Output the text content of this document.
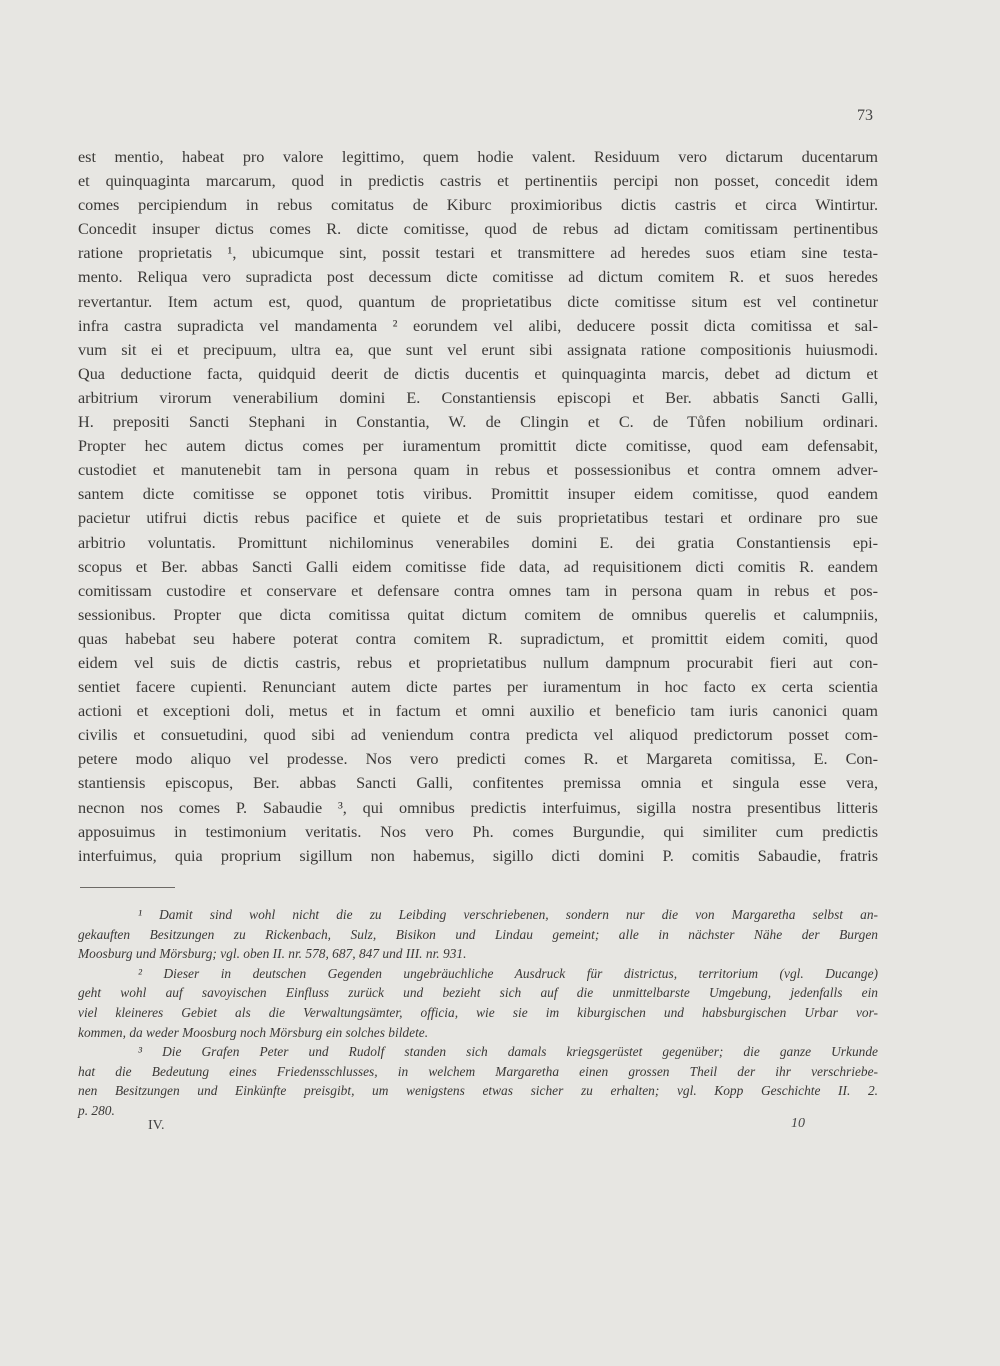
73
est mentio, habeat pro valore legittimo, quem hodie valent. Residuum vero dictarum ducentarum
et quinquaginta marcarum, quod in predictis castris et pertinentiis percipi non posset, concedit idem
comes percipiendum in rebus comitatus de Kiburc proximioribus dictis castris et circa Wintirtur.
Concedit insuper dictus comes R. dicte comitisse, quod de rebus ad dictam comitissam pertinentibus
ratione proprietatis ¹, ubicumque sint, possit testari et transmittere ad heredes suos etiam sine testa-
mento. Reliqua vero supradicta post decessum dicte comitisse ad dictum comitem R. et suos heredes
revertantur. Item actum est, quod, quantum de proprietatibus dicte comitisse situm est vel continetur
infra castra supradicta vel mandamenta ² eorundem vel alibi, deducere possit dicta comitissa et sal-
vum sit ei et precipuum, ultra ea, que sunt vel erunt sibi assignata ratione compositionis huiusmodi.
Qua deductione facta, quidquid deerit de dictis ducentis et quinquaginta marcis, debet ad dictum et
arbitrium virorum venerabilium domini E. Constantiensis episcopi et Ber. abbatis Sancti Galli,
H. prepositi Sancti Stephani in Constantia, W. de Clingin et C. de Tůfen nobilium ordinari.
Propter hec autem dictus comes per iuramentum promittit dicte comitisse, quod eam defensabit,
custodiet et manutenebit tam in persona quam in rebus et possessionibus et contra omnem adver-
santem dicte comitisse se opponet totis viribus. Promittit insuper eidem comitisse, quod eandem
pacietur utifrui dictis rebus pacifice et quiete et de suis proprietatibus testari et ordinare pro sue
arbitrio voluntatis. Promittunt nichilominus venerabiles domini E. dei gratia Constantiensis epi-
scopus et Ber. abbas Sancti Galli eidem comitisse fide data, ad requisitionem dicti comitis R. eandem
comitissam custodire et conservare et defensare contra omnes tam in persona quam in rebus et pos-
sessionibus. Propter que dicta comitissa quitat dictum comitem de omnibus querelis et calumpniis,
quas habebat seu habere poterat contra comitem R. supradictum, et promittit eidem comiti, quod
eidem vel suis de dictis castris, rebus et proprietatibus nullum dampnum procurabit fieri aut con-
sentiet facere cupienti. Renunciant autem dicte partes per iuramentum in hoc facto ex certa scientia
actioni et exceptioni doli, metus et in factum et omni auxilio et beneficio tam iuris canonici quam
civilis et consuetudini, quod sibi ad veniendum contra predicta vel aliquod predictorum posset com-
petere modo aliquo vel prodesse. Nos vero predicti comes R. et Margareta comitissa, E. Con-
stantiensis episcopus, Ber. abbas Sancti Galli, confitentes premissa omnia et singula esse vera,
necnon nos comes P. Sabaudie ³, qui omnibus predictis interfuimus, sigilla nostra presentibus litteris
apposuimus in testimonium veritatis. Nos vero Ph. comes Burgundie, qui similiter cum predictis
interfuimus, quia proprium sigillum non habemus, sigillo dicti domini P. comitis Sabaudie, fratris
¹ Damit sind wohl nicht die zu Leibding verschriebenen, sondern nur die von Margaretha selbst an-
gekauften Besitzungen zu Rickenbach, Sulz, Bisikon und Lindau gemeint; alle in nächster Nähe der Burgen
Moosburg und Mörsburg; vgl. oben II. nr. 578, 687, 847 und III. nr. 931.
² Dieser in deutschen Gegenden ungebräuchliche Ausdruck für districtus, territorium (vgl. Ducange)
geht wohl auf savoyischen Einfluss zurück und bezieht sich auf die unmittelbarste Umgebung, jedenfalls ein
viel kleineres Gebiet als die Verwaltungsämter, officia, wie sie im kiburgischen und habsburgischen Urbar vor-
kommen, da weder Moosburg noch Mörsburg ein solches bildete.
³ Die Grafen Peter und Rudolf standen sich damals kriegsgerüstet gegenüber; die ganze Urkunde
hat die Bedeutung eines Friedensschlusses, in welchem Margaretha einen grossen Theil der ihr verschriebe-
nen Besitzungen und Einkünfte preisgibt, um wenigstens etwas sicher zu erhalten; vgl. Kopp Geschichte II. 2.
p. 280.
IV.	10
